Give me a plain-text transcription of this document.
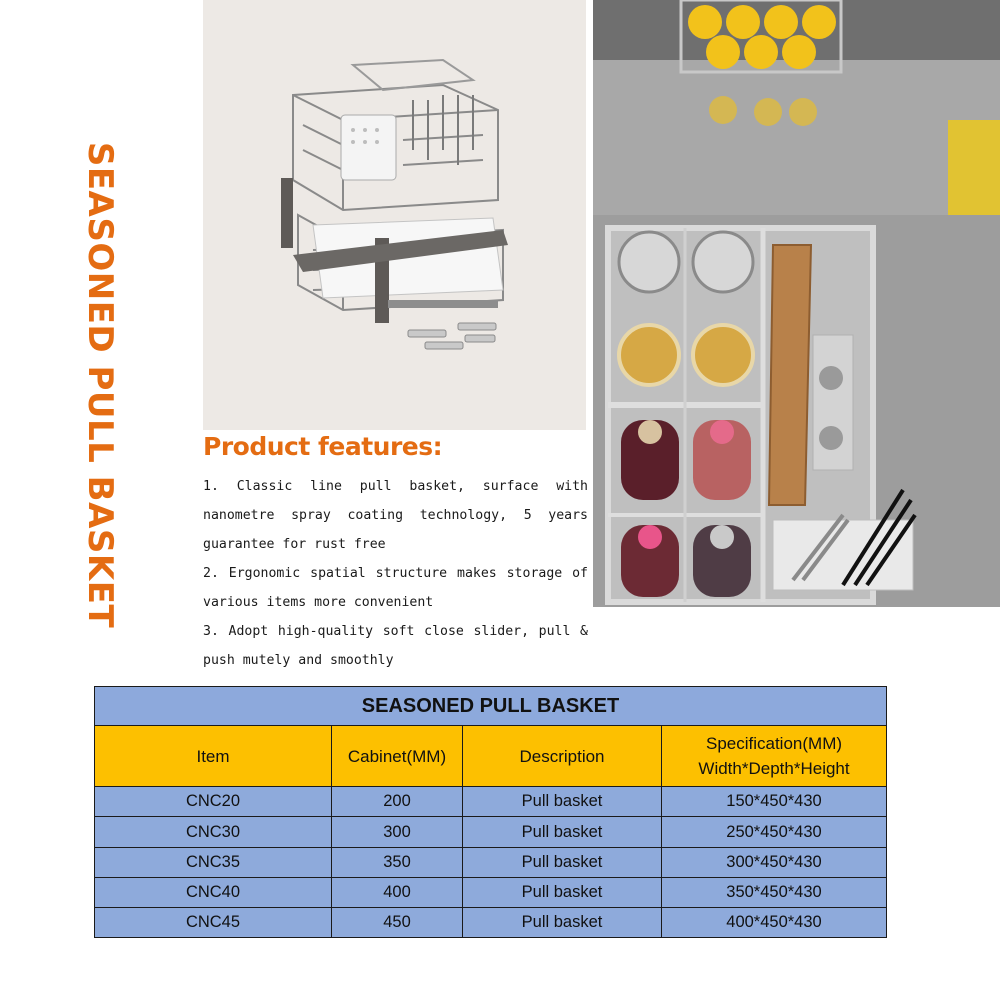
SEASONED PULL BASKET	Product features:

1. Classic line pull basket, surface with nanometre spray coating technology, 5 years guarantee for rust free

2. Ergonomic spatial structure makes storage of various items more convenient

3. Adopt high-quality soft close slider, pull & push mutely and smoothly

SEASONED PULL BASKET			
Item	Cabinet(MM)	Description	Specification(MM)
Width*Depth*Height
CNC20	200	Pull basket	150*450*430
CNC30	300	Pull basket	250*450*430
CNC35	350	Pull basket	300*450*430
CNC40	400	Pull basket	350*450*430
CNC45	450	Pull basket	400*450*430
